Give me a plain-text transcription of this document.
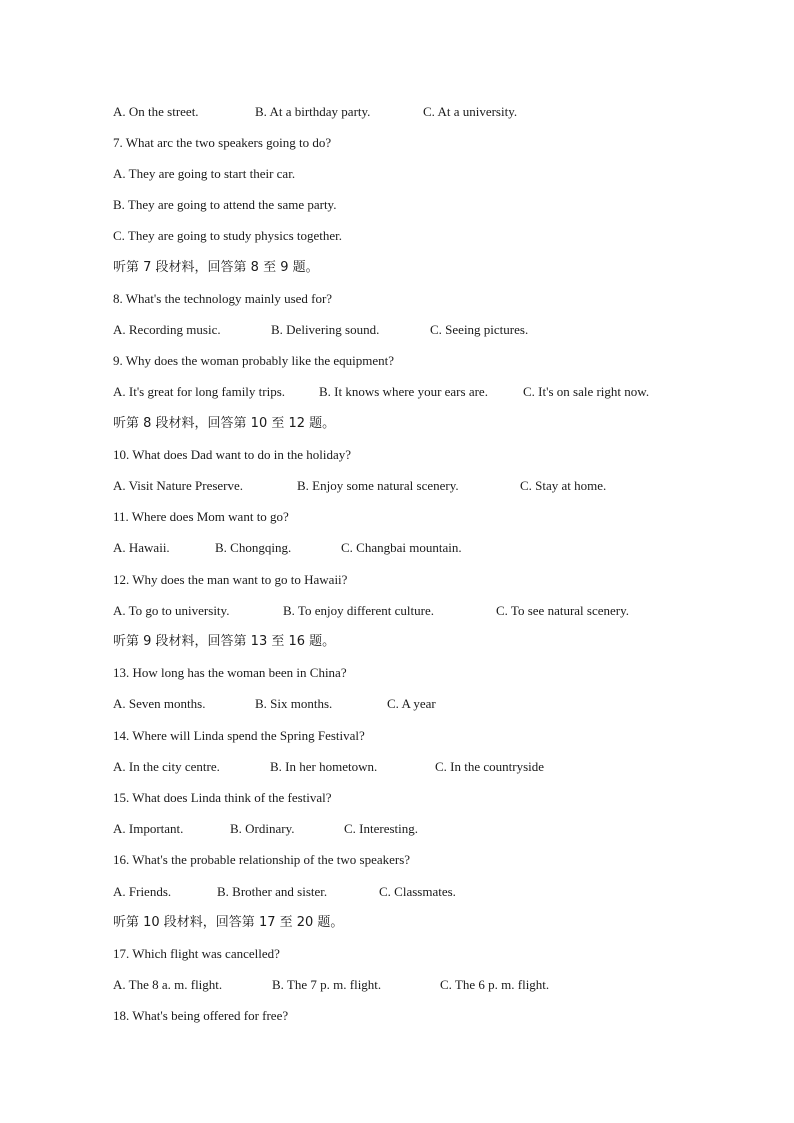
A. On the street.	B. At a birthday party.	C. At a university.
7. What arc the two speakers going to do?
A. They are going to start their car.
B. They are going to attend the same party.
C. They are going to study physics together.
听第 7 段材料，回答第 8 至 9 题。
8. What's the technology mainly used for?
A. Recording music.	B. Delivering sound.	C. Seeing pictures.
9. Why does the woman probably like the equipment?
A. It's great for long family trips.	B. It knows where your ears are.	C. It's on sale right now.
听第 8 段材料，回答第 10 至 12 题。
10. What does Dad want to do in the holiday?
A. Visit Nature Preserve.	B. Enjoy some natural scenery.	C. Stay at home.
11. Where does Mom want to go?
A. Hawaii.	B. Chongqing.	C. Changbai mountain.
12. Why does the man want to go to Hawaii?
A. To go to university.	B. To enjoy different culture.	C. To see natural scenery.
听第 9 段材料，回答第 13 至 16 题。
13. How long has the woman been in China?
A. Seven months.	B. Six months.	C. A year
14. Where will Linda spend the Spring Festival?
A. In the city centre.	B. In her hometown.	C. In the countryside
15. What does Linda think of the festival?
A. Important.	B. Ordinary.	C. Interesting.
16. What's the probable relationship of the two speakers?
A. Friends.	B. Brother and sister.	C. Classmates.
听第 10 段材料，回答第 17 至 20 题。
17. Which flight was cancelled?
A. The 8 a. m. flight.	B. The 7 p. m. flight.	C. The 6 p. m. flight.
18. What's being offered for free?
